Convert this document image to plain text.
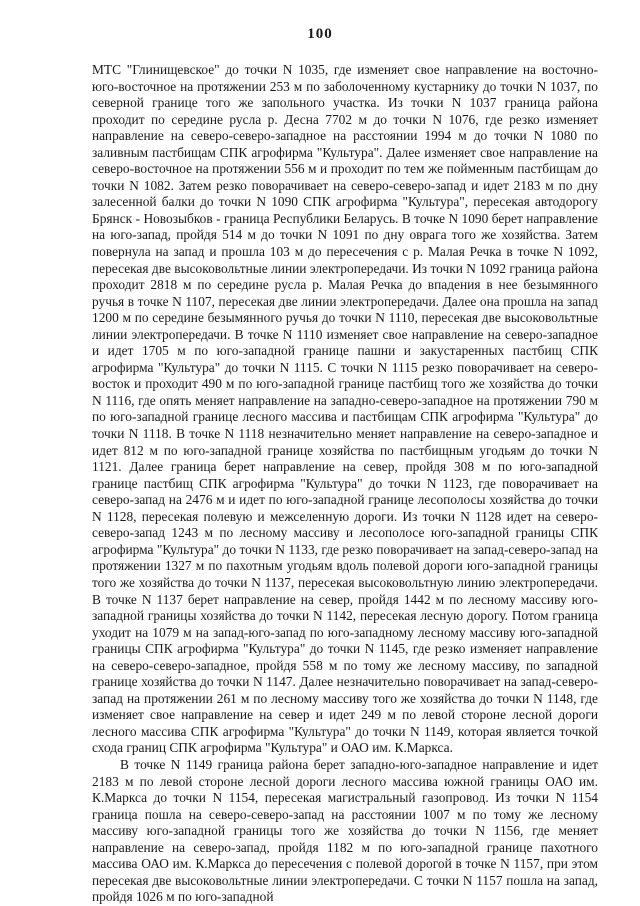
100

МТС "Глинищевское" до точки N 1035, где изменяет свое направление на восточно-юго-восточное на протяжении 253 м по заболоченному кустарнику до точки N 1037, по северной границе того же запольного участка. Из точки N 1037 граница района проходит по середине русла р. Десна 7702 м до точки N 1076, где резко изменяет направление на северо-северо-западное на расстоянии 1994 м до точки N 1080 по заливным пастбищам СПК агрофирма "Культура". Далее изменяет свое направление на северо-восточное на протяжении 556 м и проходит по тем же пойменным пастбищам до точки N 1082. Затем резко поворачивает на северо-северо-запад и идет 2183 м по дну залесенной балки до точки N 1090 СПК агрофирма "Культура", пересекая автодорогу Брянск - Новозыбков - граница Республики Беларусь. В точке N 1090 берет направление на юго-запад, пройдя 514 м до точки N 1091 по дну оврага того же хозяйства. Затем повернула на запад и прошла 103 м до пересечения с р. Малая Речка в точке N 1092, пересекая две высоковольтные линии электропередачи. Из точки N 1092 граница района проходит 2818 м по середине русла р. Малая Речка до впадения в нее безымянного ручья в точке N 1107, пересекая две линии электропередачи. Далее она прошла на запад 1200 м по середине безымянного ручья до точки N 1110, пересекая две высоковольтные линии электропередачи. В точке N 1110 изменяет свое направление на северо-западное и идет 1705 м по юго-западной границе пашни и закустаренных пастбищ СПК агрофирма "Культура" до точки N 1115. С точки N 1115 резко поворачивает на северо-восток и проходит 490 м по юго-западной границе пастбищ того же хозяйства до точки N 1116, где опять меняет направление на западно-северо-западное на протяжении 790 м по юго-западной границе лесного массива и пастбищам СПК агрофирма "Культура" до точки N 1118. В точке N 1118 незначительно меняет направление на северо-западное и идет 812 м по юго-западной границе хозяйства по пастбищным угодьям до точки N 1121. Далее граница берет направление на север, пройдя 308 м по юго-западной границе пастбищ СПК агрофирма "Культура" до точки N 1123, где поворачивает на северо-запад на 2476 м и идет по юго-западной границе лесополосы хозяйства до точки N 1128, пересекая полевую и межселенную дороги. Из точки N 1128 идет на северо-северо-запад 1243 м по лесному массиву и лесополосе юго-западной границы СПК агрофирма "Культура" до точки N 1133, где резко поворачивает на запад-северо-запад на протяжении 1327 м по пахотным угодьям вдоль полевой дороги юго-западной границы того же хозяйства до точки N 1137, пересекая высоковольтную линию электропередачи. В точке N 1137 берет направление на север, пройдя 1442 м по лесному массиву юго-западной границы хозяйства до точки N 1142, пересекая лесную дорогу. Потом граница уходит на 1079 м на запад-юго-запад по юго-западному лесному массиву юго-западной границы СПК агрофирма "Культура" до точки N 1145, где резко изменяет направление на северо-северо-западное, пройдя 558 м по тому же лесному массиву, по западной границе хозяйства до точки N 1147. Далее незначительно поворачивает на запад-северо-запад на протяжении 261 м по лесному массиву того же хозяйства до точки N 1148, где изменяет свое направление на север и идет 249 м по левой стороне лесной дороги лесного массива СПК агрофирма "Культура" до точки N 1149, которая является точкой схода границ СПК агрофирма "Культура" и ОАО им. К.Маркса.

В точке N 1149 граница района берет западно-юго-западное направление и идет 2183 м по левой стороне лесной дороги лесного массива южной границы ОАО им. К.Маркса до точки N 1154, пересекая магистральный газопровод. Из точки N 1154 граница пошла на северо-северо-запад на расстоянии 1007 м по тому же лесному массиву юго-западной границы того же хозяйства до точки N 1156, где меняет направление на северо-запад, пройдя 1182 м по юго-западной границе пахотного массива ОАО им. К.Маркса до пересечения с полевой дорогой в точке N 1157, при этом пересекая две высоковольтные линии электропередачи. С точки N 1157 пошла на запад, пройдя 1026 м по юго-западной
